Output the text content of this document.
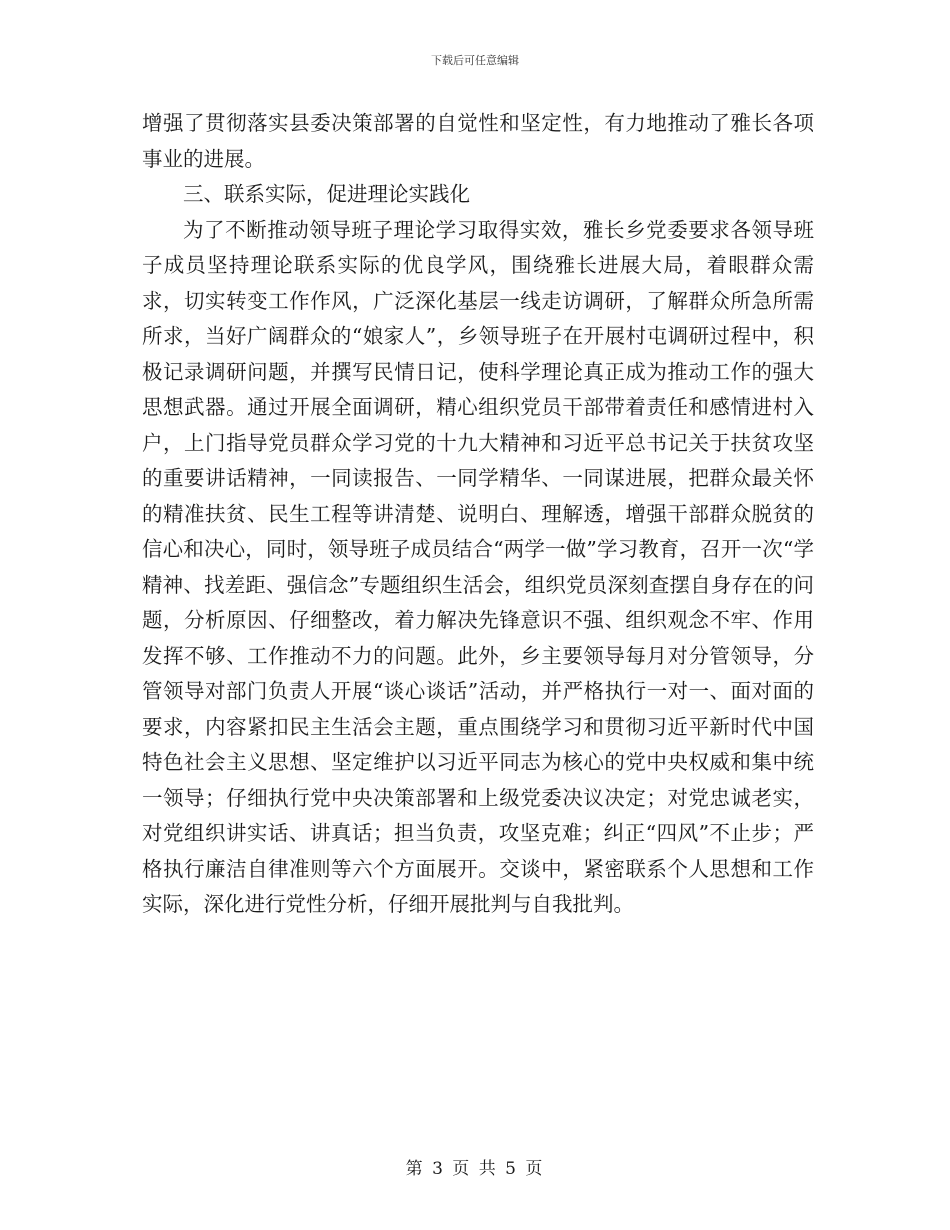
下载后可任意编辑

增强了贯彻落实县委决策部署的自觉性和坚定性，有力地推动了雅长各项事业的进展。

三、联系实际，促进理论实践化

为了不断推动领导班子理论学习取得实效，雅长乡党委要求各领导班子成员坚持理论联系实际的优良学风，围绕雅长进展大局，着眼群众需求，切实转变工作作风，广泛深化基层一线走访调研，了解群众所急所需所求，当好广阔群众的“娘家人”，乡领导班子在开展村屯调研过程中，积极记录调研问题，并撰写民情日记，使科学理论真正成为推动工作的强大思想武器。通过开展全面调研，精心组织党员干部带着责任和感情进村入户，上门指导党员群众学习党的十九大精神和习近平总书记关于扶贫攻坚的重要讲话精神，一同读报告、一同学精华、一同谋进展，把群众最关怀的精准扶贫、民生工程等讲清楚、说明白、理解透，增强干部群众脱贫的信心和决心，同时，领导班子成员结合“两学一做”学习教育，召开一次“学精神、找差距、强信念”专题组织生活会，组织党员深刻查摆自身存在的问题，分析原因、仔细整改，着力解决先锋意识不强、组织观念不牢、作用发挥不够、工作推动不力的问题。此外，乡主要领导每月对分管领导，分管领导对部门负责人开展“谈心谈话”活动，并严格执行一对一、面对面的要求，内容紧扣民主生活会主题，重点围绕学习和贯彻习近平新时代中国特色社会主义思想、坚定维护以习近平同志为核心的党中央权威和集中统一领导；仔细执行党中央决策部署和上级党委决议决定；对党忠诚老实，对党组织讲实话、讲真话；担当负责，攻坚克难；纠正“四风”不止步；严格执行廉洁自律准则等六个方面展开。交谈中，紧密联系个人思想和工作实际，深化进行党性分析，仔细开展批判与自我批判。

第 3 页 共 5 页
